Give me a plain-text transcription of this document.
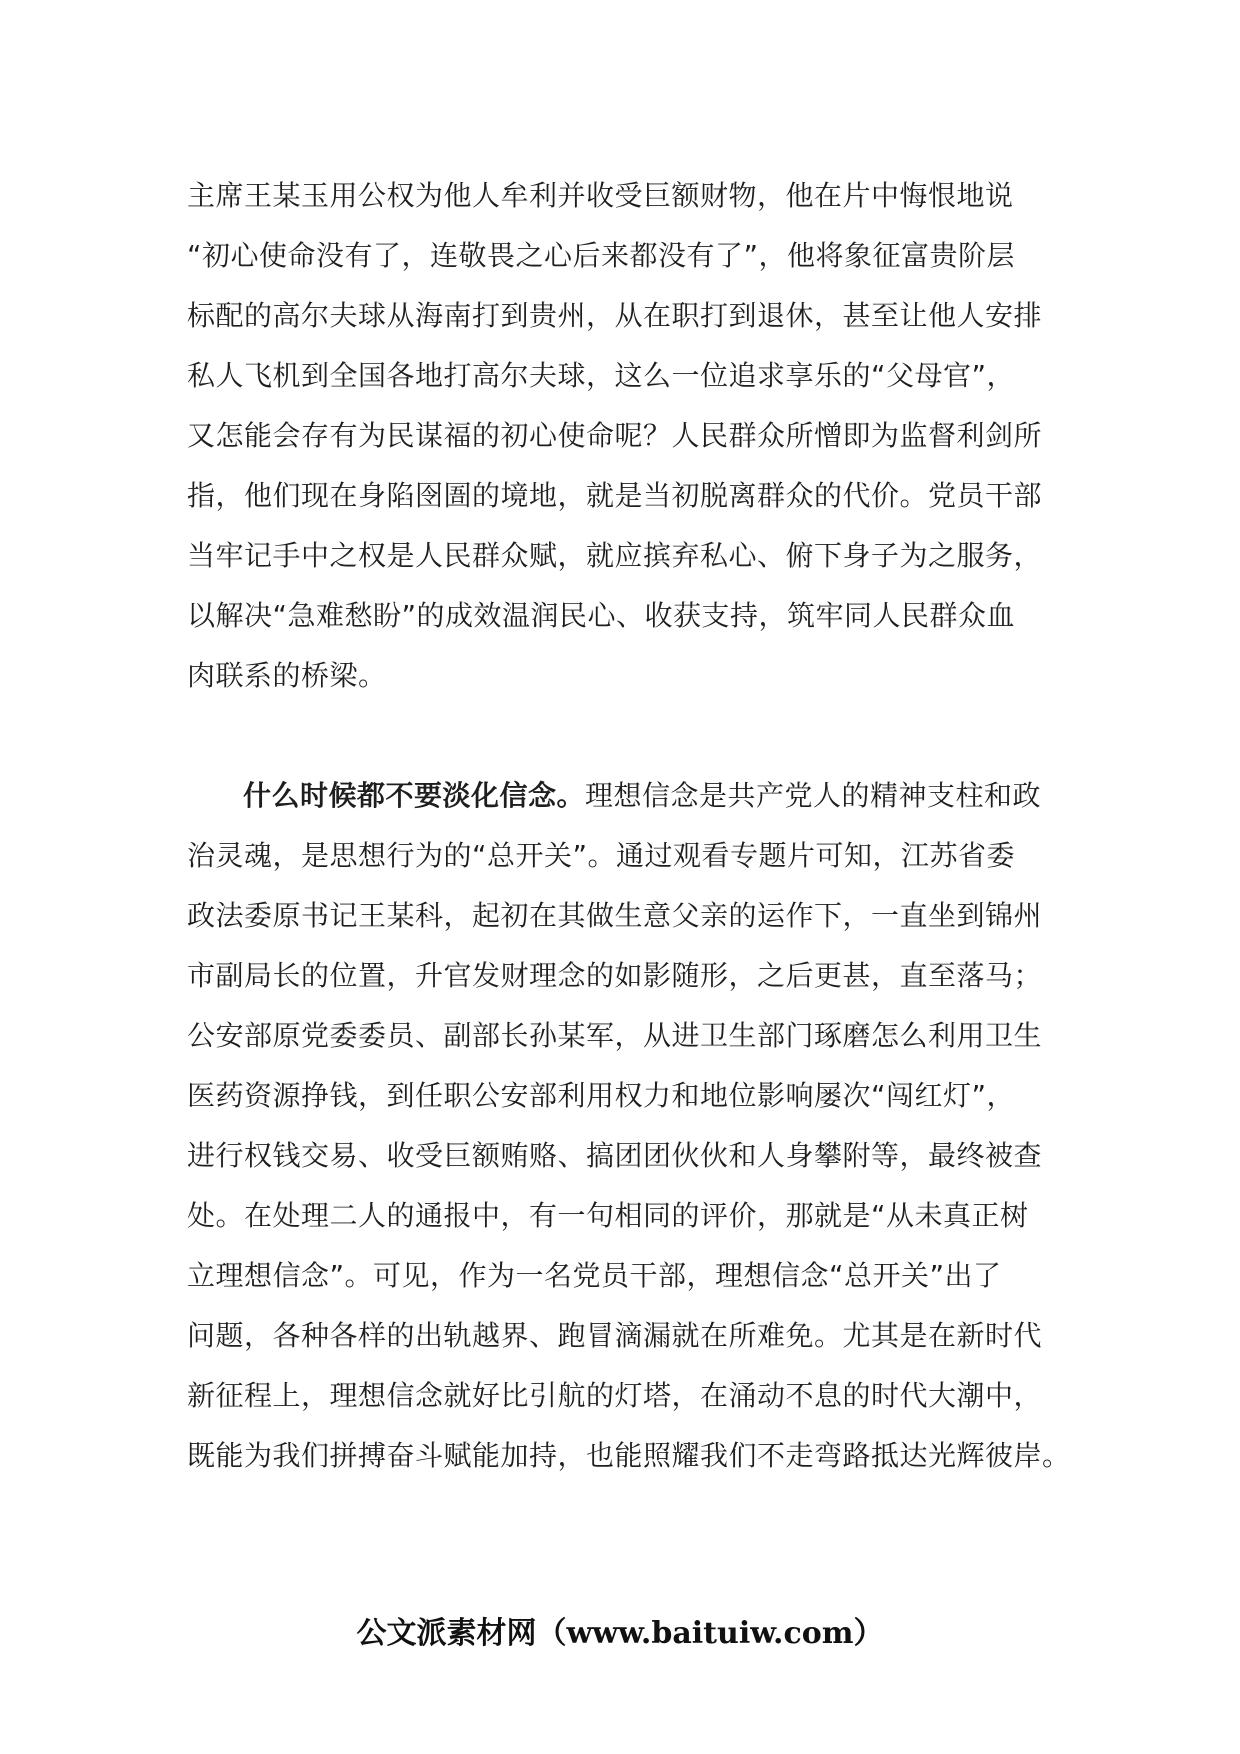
主席王某玉用公权为他人牟利并收受巨额财物，他在片中悔恨地说
“初心使命没有了，连敬畏之心后来都没有了”，他将象征富贵阶层
标配的高尔夫球从海南打到贵州，从在职打到退休，甚至让他人安排
私人飞机到全国各地打高尔夫球，这么一位追求享乐的“父母官”，
又怎能会存有为民谋福的初心使命呢？人民群众所憎即为监督利剑所
指，他们现在身陷囹圄的境地，就是当初脱离群众的代价。党员干部
当牢记手中之权是人民群众赋，就应摈弃私心、俯下身子为之服务，
以解决“急难愁盼”的成效温润民心、收获支持，筑牢同人民群众血
肉联系的桥梁。
什么时候都不要淡化信念。理想信念是共产党人的精神支柱和政
治灵魂，是思想行为的“总开关”。通过观看专题片可知，江苏省委
政法委原书记王某科，起初在其做生意父亲的运作下，一直坐到锦州
市副局长的位置，升官发财理念的如影随形，之后更甚，直至落马；
公安部原党委委员、副部长孙某军，从进卫生部门琢磨怎么利用卫生
医药资源挣钱，到任职公安部利用权力和地位影响屡次“闯红灯”，
进行权钱交易、收受巨额贿赂、搞团团伙伙和人身攀附等，最终被查
处。在处理二人的通报中，有一句相同的评价，那就是“从未真正树
立理想信念”。可见，作为一名党员干部，理想信念“总开关”出了
问题，各种各样的出轨越界、跑冒滴漏就在所难免。尤其是在新时代
新征程上，理想信念就好比引航的灯塔，在涌动不息的时代大潮中，
既能为我们拼搏奋斗赋能加持，也能照耀我们不走弯路抵达光辉彼岸。
公文派素材网（www.baituiw.com）
